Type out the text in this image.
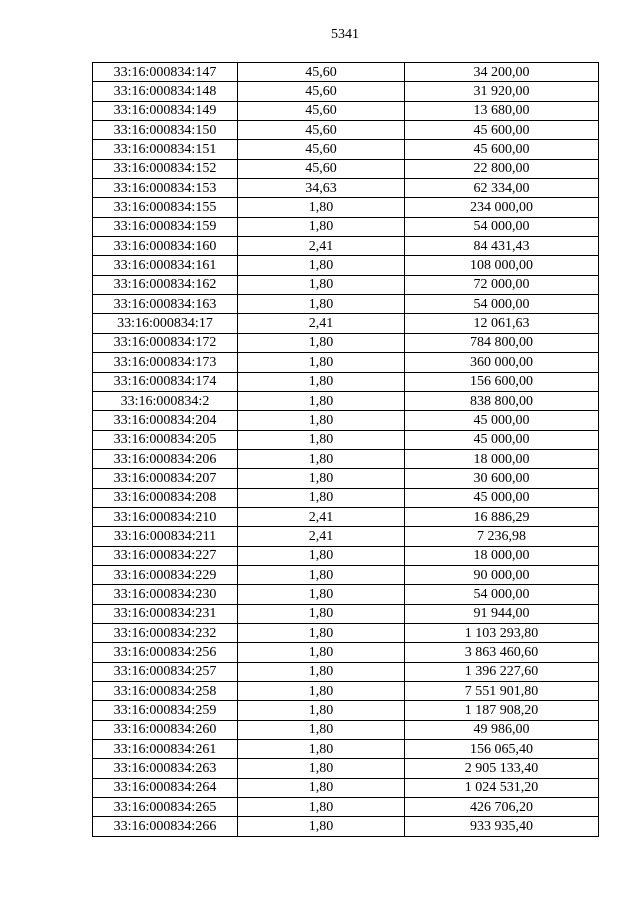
5341
33:16:000834:147	45,60	34 200,00
33:16:000834:148	45,60	31 920,00
33:16:000834:149	45,60	13 680,00
33:16:000834:150	45,60	45 600,00
33:16:000834:151	45,60	45 600,00
33:16:000834:152	45,60	22 800,00
33:16:000834:153	34,63	62 334,00
33:16:000834:155	1,80	234 000,00
33:16:000834:159	1,80	54 000,00
33:16:000834:160	2,41	84 431,43
33:16:000834:161	1,80	108 000,00
33:16:000834:162	1,80	72 000,00
33:16:000834:163	1,80	54 000,00
33:16:000834:17	2,41	12 061,63
33:16:000834:172	1,80	784 800,00
33:16:000834:173	1,80	360 000,00
33:16:000834:174	1,80	156 600,00
33:16:000834:2	1,80	838 800,00
33:16:000834:204	1,80	45 000,00
33:16:000834:205	1,80	45 000,00
33:16:000834:206	1,80	18 000,00
33:16:000834:207	1,80	30 600,00
33:16:000834:208	1,80	45 000,00
33:16:000834:210	2,41	16 886,29
33:16:000834:211	2,41	7 236,98
33:16:000834:227	1,80	18 000,00
33:16:000834:229	1,80	90 000,00
33:16:000834:230	1,80	54 000,00
33:16:000834:231	1,80	91 944,00
33:16:000834:232	1,80	1 103 293,80
33:16:000834:256	1,80	3 863 460,60
33:16:000834:257	1,80	1 396 227,60
33:16:000834:258	1,80	7 551 901,80
33:16:000834:259	1,80	1 187 908,20
33:16:000834:260	1,80	49 986,00
33:16:000834:261	1,80	156 065,40
33:16:000834:263	1,80	2 905 133,40
33:16:000834:264	1,80	1 024 531,20
33:16:000834:265	1,80	426 706,20
33:16:000834:266	1,80	933 935,40
